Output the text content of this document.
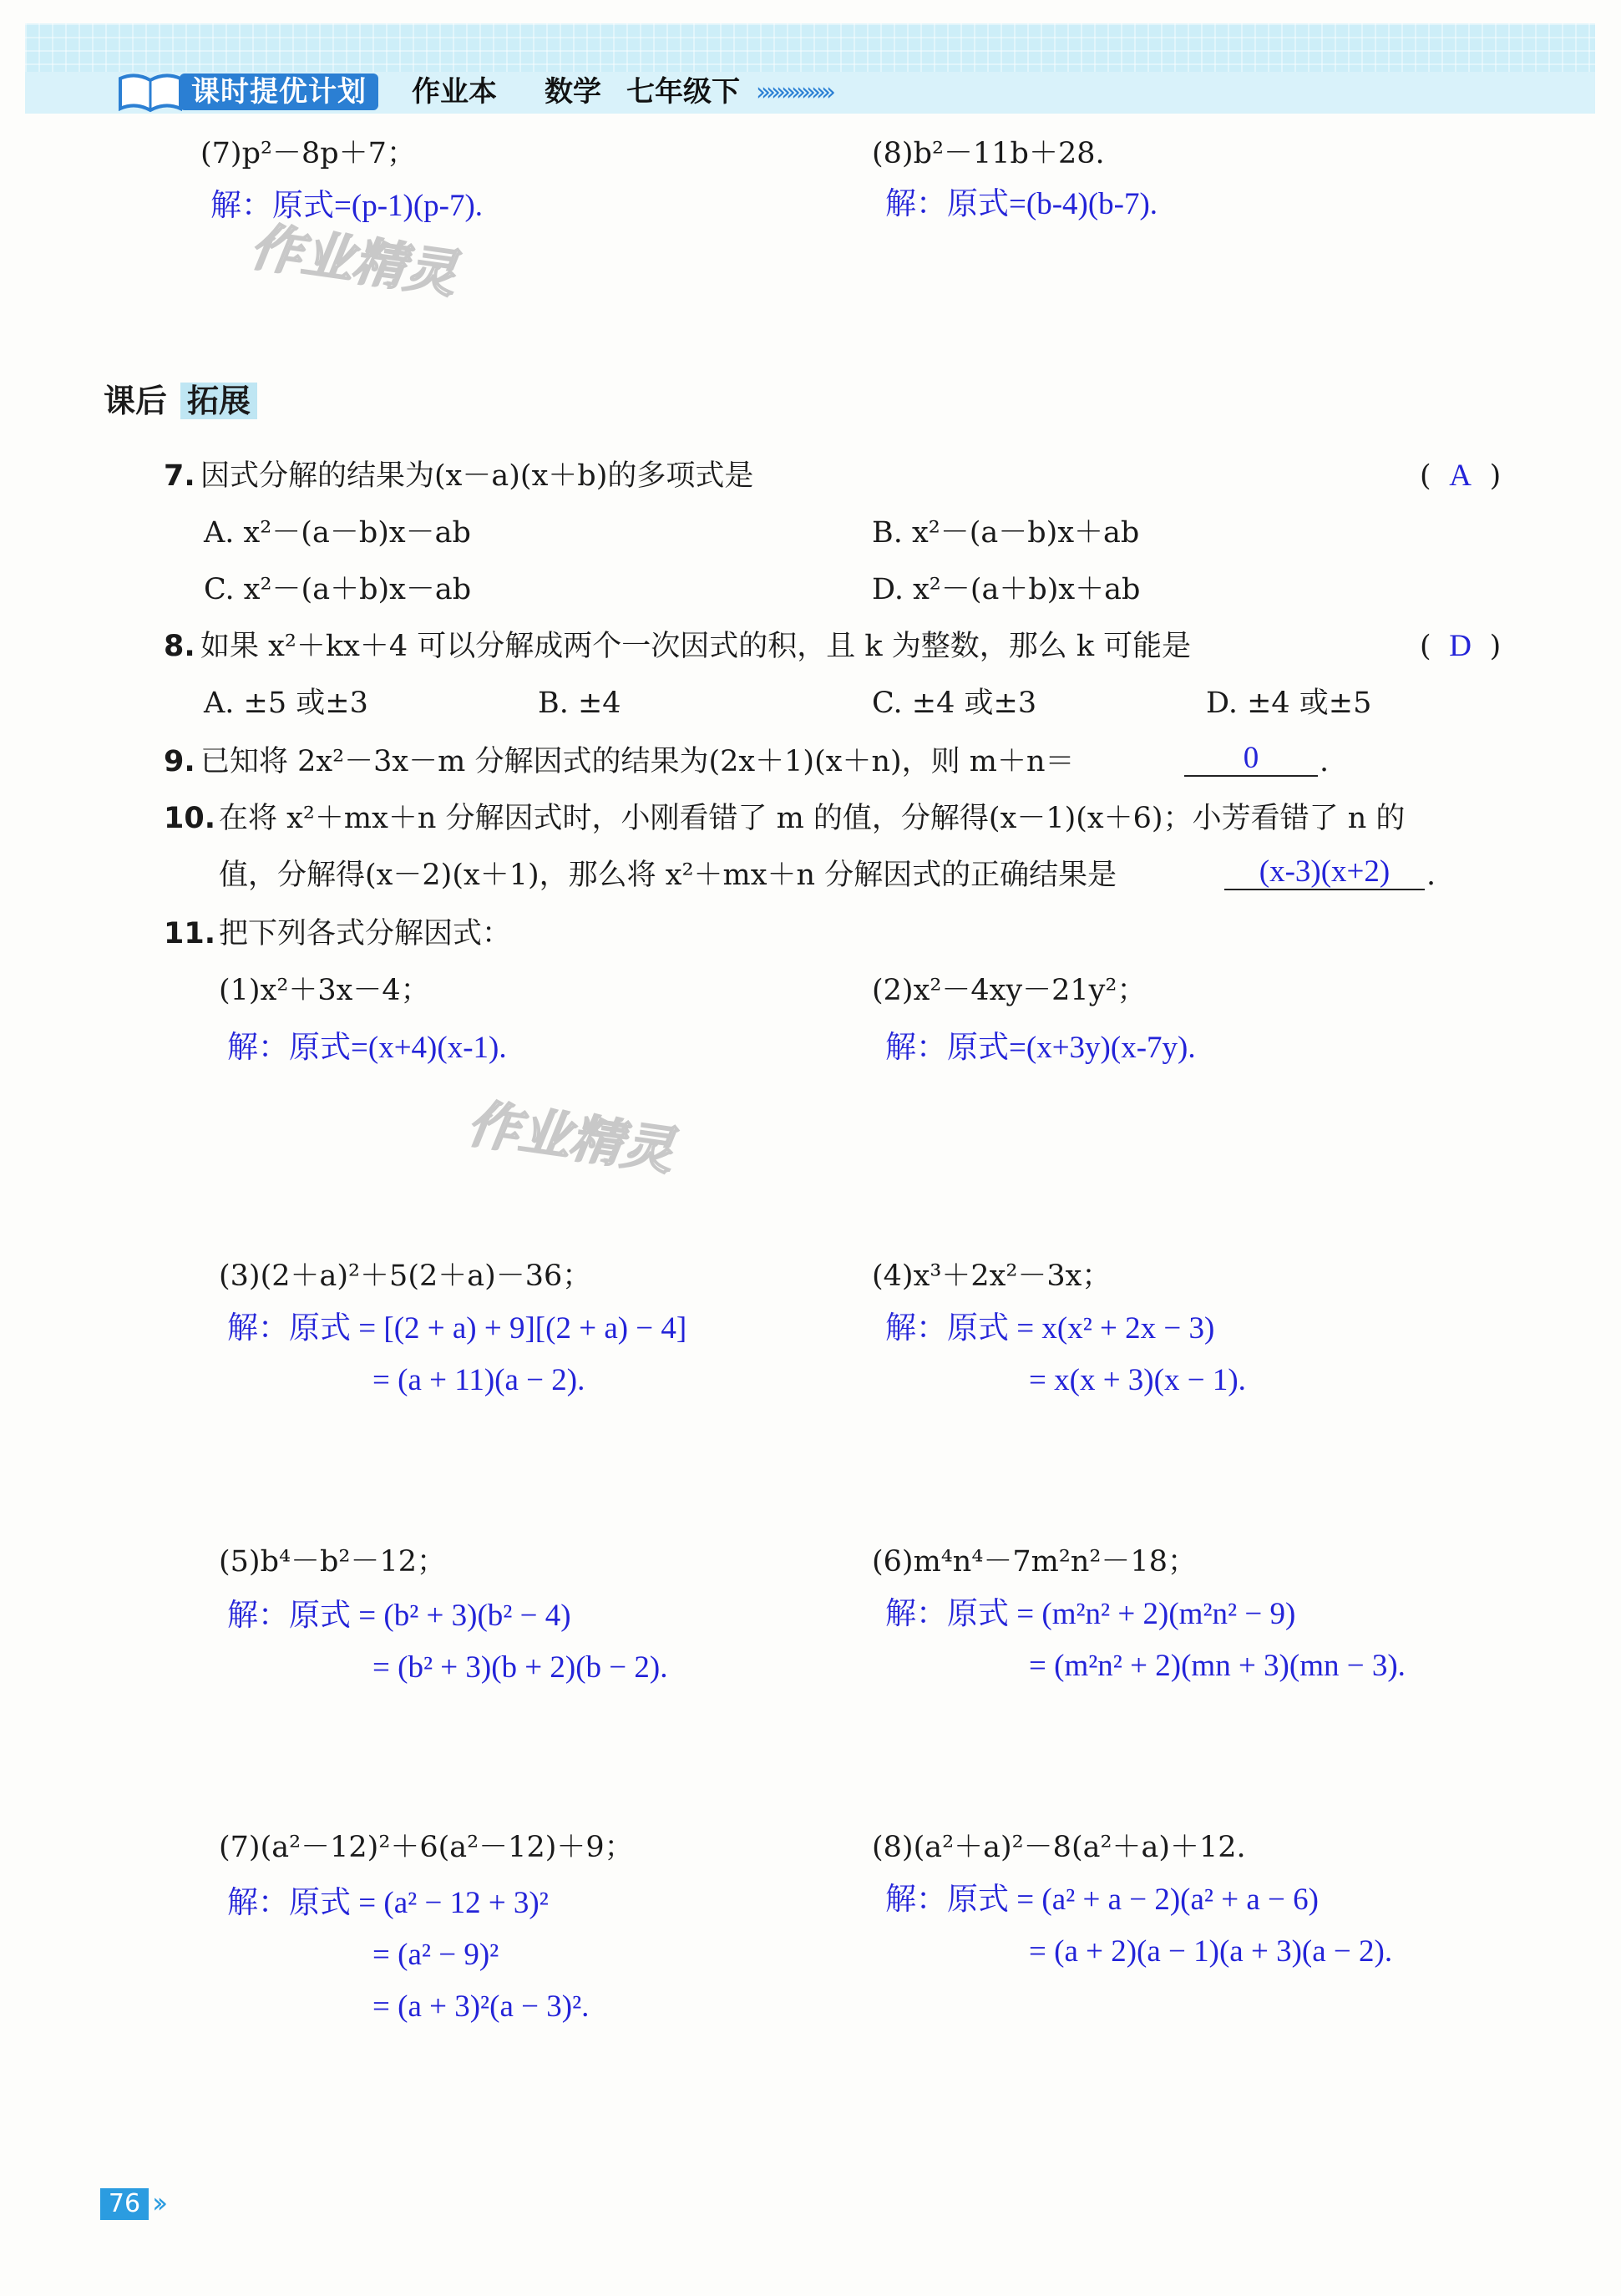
课时提优计划	作业本 数学 七年级下 ›››››››››››››››
(7)p²－8p＋7；
解：原式=(p-1)(p-7).
(8)b²－11b＋28.
解：原式=(b-4)(b-7).
作业精灵
课后 拓展
7. 因式分解的结果为(x－a)(x＋b)的多项式是	( A )
A. x²－(a－b)x－ab	B. x²－(a－b)x＋ab
C. x²－(a＋b)x－ab	D. x²－(a＋b)x＋ab
8. 如果 x²＋kx＋4 可以分解成两个一次因式的积，且 k 为整数，那么 k 可能是	( D )
A. ±5 或±3	B. ±4	C. ±4 或±3	D. ±4 或±5
9. 已知将 2x²－3x－m 分解因式的结果为(2x＋1)(x＋n)，则 m＋n＝	0	.
10. 在将 x²＋mx＋n 分解因式时，小刚看错了 m 的值，分解得(x－1)(x＋6)；小芳看错了 n 的
值，分解得(x－2)(x＋1)，那么将 x²＋mx＋n 分解因式的正确结果是	(x-3)(x+2)	.
11. 把下列各式分解因式：
(1)x²＋3x－4；
解：原式=(x+4)(x-1).
(2)x²－4xy－21y²；
解：原式=(x+3y)(x-7y).
作业精灵
(3)(2＋a)²＋5(2＋a)－36；
解：原式 = [(2 + a) + 9][(2 + a) − 4]
= (a + 11)(a − 2).
(4)x³＋2x²－3x；
解：原式 = x(x² + 2x − 3)
= x(x + 3)(x − 1).
(5)b⁴－b²－12；
解：原式 = (b² + 3)(b² − 4)
= (b² + 3)(b + 2)(b − 2).
(6)m⁴n⁴－7m²n²－18；
解：原式 = (m²n² + 2)(m²n² − 9)
= (m²n² + 2)(mn + 3)(mn − 3).
(7)(a²－12)²＋6(a²－12)＋9；
解：原式 = (a² − 12 + 3)²
= (a² − 9)²
= (a + 3)²(a − 3)².
(8)(a²＋a)²－8(a²＋a)＋12.
解：原式 = (a² + a − 2)(a² + a − 6)
= (a + 2)(a − 1)(a + 3)(a − 2).
76 ››
